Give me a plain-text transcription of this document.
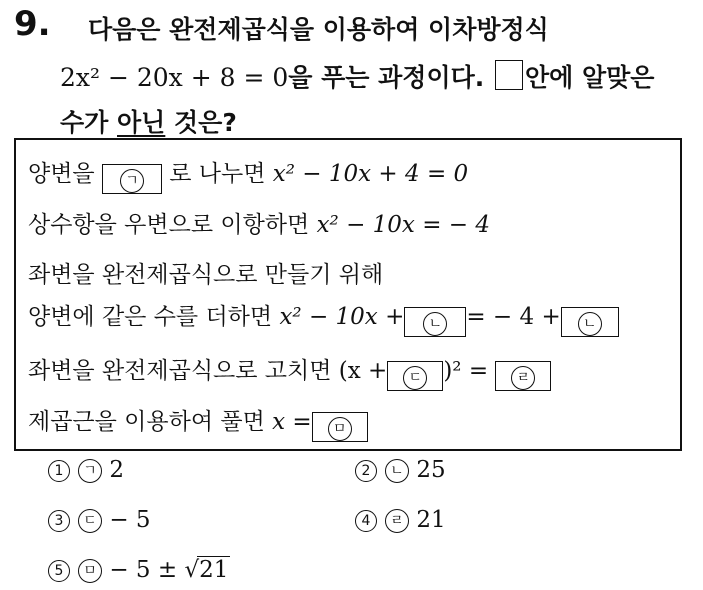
9. 다음은 완전제곱식을 이용하여 이차방정식
2x² − 20x + 8 = 0을 푸는 과정이다. 안에 알맞은
수가 아닌 것은?
양변을 ㄱ 로 나누면 x² − 10x + 4 = 0
상수항을 우변으로 이항하면 x² − 10x = − 4
좌변을 완전제곱식으로 만들기 위해
양변에 같은 수를 더하면 x² − 10x + ㄴ = − 4 + ㄴ
좌변을 완전제곱식으로 고치면 (x + ㄷ )² = ㄹ
제곱근을 이용하여 풀면 x = ㅁ
1 ㄱ 2	2 ㄴ 25
3 ㄷ − 5	4 ㄹ 21
5 ㅁ − 5 ± √21
